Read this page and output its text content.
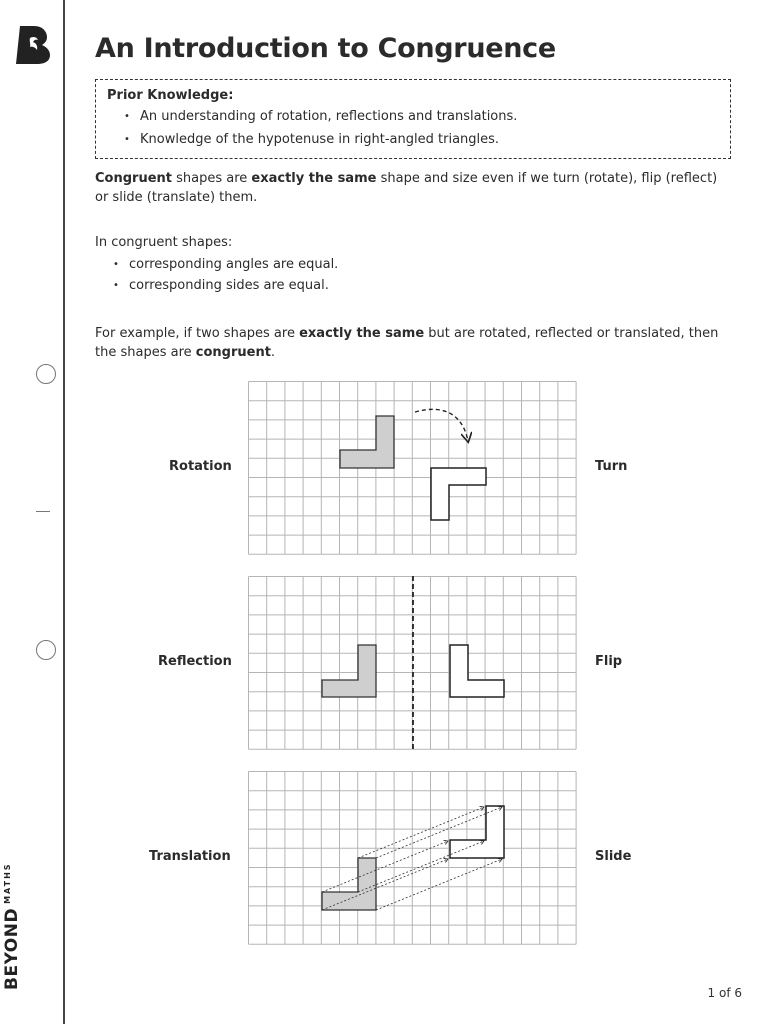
$BEYOND^{MATHS}$
An Introduction to Congruence
Prior Knowledge:
• An understanding of rotation, reflections and translations.
• Knowledge of the hypotenuse in right-angled triangles.
Congruent shapes are exactly the same shape and size even if we turn (rotate), flip (reflect) or slide (translate) them.
In congruent shapes:
• corresponding angles are equal.
• corresponding sides are equal.
For example, if two shapes are exactly the same but are rotated, reflected or translated, then the shapes are congruent.
Rotation	Turn
Reflection	Flip
Translation	Slide
1 of 6
